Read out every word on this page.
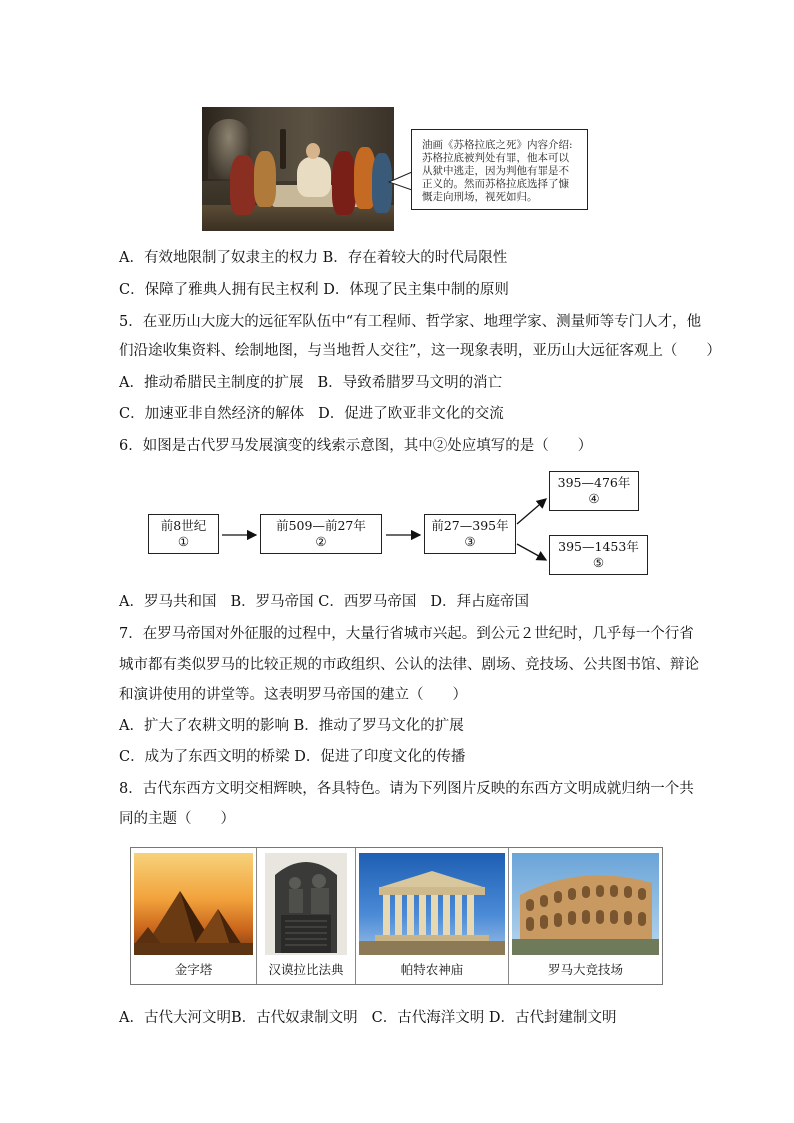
油画《苏格拉底之死》内容介绍:
苏格拉底被判处有罪，他本可以
从狱中逃走，因为判他有罪是不
正义的。然而苏格拉底选择了慷
慨走向刑场，视死如归。
A．有效地限制了奴隶主的权力 B．存在着较大的时代局限性
C．保障了雅典人拥有民主权利 D．体现了民主集中制的原则
5．在亚历山大庞大的远征军队伍中“有工程师、哲学家、地理学家、测量师等专门人才，他
们沿途收集资料、绘制地图，与当地哲人交往”，这一现象表明，亚历山大远征客观上（　　）
A．推动希腊民主制度的扩展 B．导致希腊罗马文明的消亡
C．加速亚非自然经济的解体 D．促进了欧亚非文化的交流
6．如图是古代罗马发展演变的线索示意图，其中②处应填写的是（　　）
前8世纪
①
前509—前27年
②
前27—395年
③
395—476年
④
395—1453年
⑤
A．罗马共和国 B．罗马帝国 C．西罗马帝国 D．拜占庭帝国
7．在罗马帝国对外征服的过程中，大量行省城市兴起。到公元２世纪时，几乎每一个行省
城市都有类似罗马的比较正规的市政组织、公认的法律、剧场、竞技场、公共图书馆、辩论
和演讲使用的讲堂等。这表明罗马帝国的建立（　　）
A．扩大了农耕文明的影响 B．推动了罗马文化的扩展
C．成为了东西文明的桥梁 D．促进了印度文化的传播
8．古代东西方文明交相辉映，各具特色。请为下列图片反映的东西方文明成就归纳一个共
同的主题（　　）
金字塔	汉谟拉比法典	帕特农神庙	罗马大竞技场
A．古代大河文明B．古代奴隶制文明 C．古代海洋文明 D．古代封建制文明
